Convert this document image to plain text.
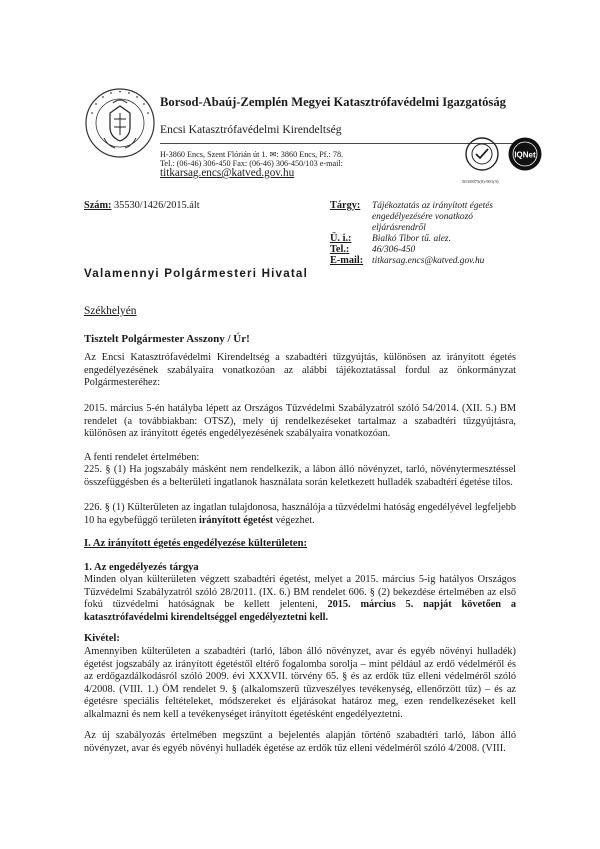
Borsod-Abaúj-Zemplén Megyei Katasztrófavédelmi Igazgatóság
Encsi Katasztrófavédelmi Kirendeltség
H-3860 Encs, Szent Flórián út 1. ✉: 3860 Encs, Pf.: 78.
Tel.: (06-46) 306-450 Fax: (06-46) 306-450/103 e-mail:
titkarsag.encs@katved.gov.hu
IQNet
503/0075(0)-901(3)
Szám: 35530/1426/2015.ált	Tárgy: Tájékoztatás az irányított égetés
engedélyezésére vonatkozó
eljárásrendről
Ü. i.: Bialkó Tibor tű. alez.
Tel.: 46/306-450
E-mail: titkarsag.encs@katved.gov.hu
Valamennyi Polgármesteri Hivatal
Székhelyén
Tisztelt Polgármester Asszony / Úr!

Az Encsi Katasztrófavédelmi Kirendeltség a szabadtéri tűzgyújtás, különösen az irányított égetés engedélyezésének szabályaira vonatkozóan az alábbi tájékoztatással fordul az önkormányzat Polgármesteréhez:

2015. március 5-én hatályba lépett az Országos Tűzvédelmi Szabályzatról szóló 54/2014. (XII. 5.) BM rendelet (a továbbiakban: OTSZ), mely új rendelkezéseket tartalmaz a szabadtéri tűzgyújtásra, különösen az irányított égetés engedélyezésének szabályaira vonatkozóan.

A fenti rendelet értelmében:

225. § (1) Ha jogszabály másként nem rendelkezik, a lábon álló növényzet, tarló, növénytermesztéssel összefüggésben és a belterületi ingatlanok használata során keletkezett hulladék szabadtéri égetése tilos.

226. § (1) Külterületen az ingatlan tulajdonosa, használója a tűzvédelmi hatóság engedélyével legfeljebb 10 ha egybefüggő területen irányított égetést végezhet.

I. Az irányított égetés engedélyezése külterületen:
1. Az engedélyezés tárgya

Minden olyan külterületen végzett szabadtéri égetést, melyet a 2015. március 5-ig hatályos Országos Tűzvédelmi Szabályzatról szóló 28/2011. (IX. 6.) BM rendelet 606. § (2) bekezdése értelmében az első fokú tűzvédelmi hatóságnak be kellett jelenteni, 2015. március 5. napját követően a katasztrófavédelmi kirendeltséggel engedélyeztetni kell.

Kivétel:

Amennyiben külterületen a szabadtéri (tarló, lábon álló növényzet, avar és egyéb növényi hulladék) égetést jogszabály az irányított égetéstől eltérő fogalomba sorolja – mint például az erdő védelméről és az erdőgazdálkodásról szóló 2009. évi XXXVII. törvény 65. § és az erdők tűz elleni védelméről szóló 4/2008. (VIII. 1.) ÖM rendelet 9. § (alkalomszerű tűzveszélyes tevékenység, ellenőrzött tűz) – és az égetésre speciális feltételeket, módszereket és eljárásokat határoz meg, ezen rendelkezéseket kell alkalmazni és nem kell a tevékenységet irányított égetésként engedélyeztetni.

Az új szabályozás értelmében megszűnt a bejelentés alapján történő szabadtéri tarló, lábon álló növényzet, avar és egyéb növényi hulladék égetése az erdők tűz elleni védelméről szóló 4/2008. (VIII.
